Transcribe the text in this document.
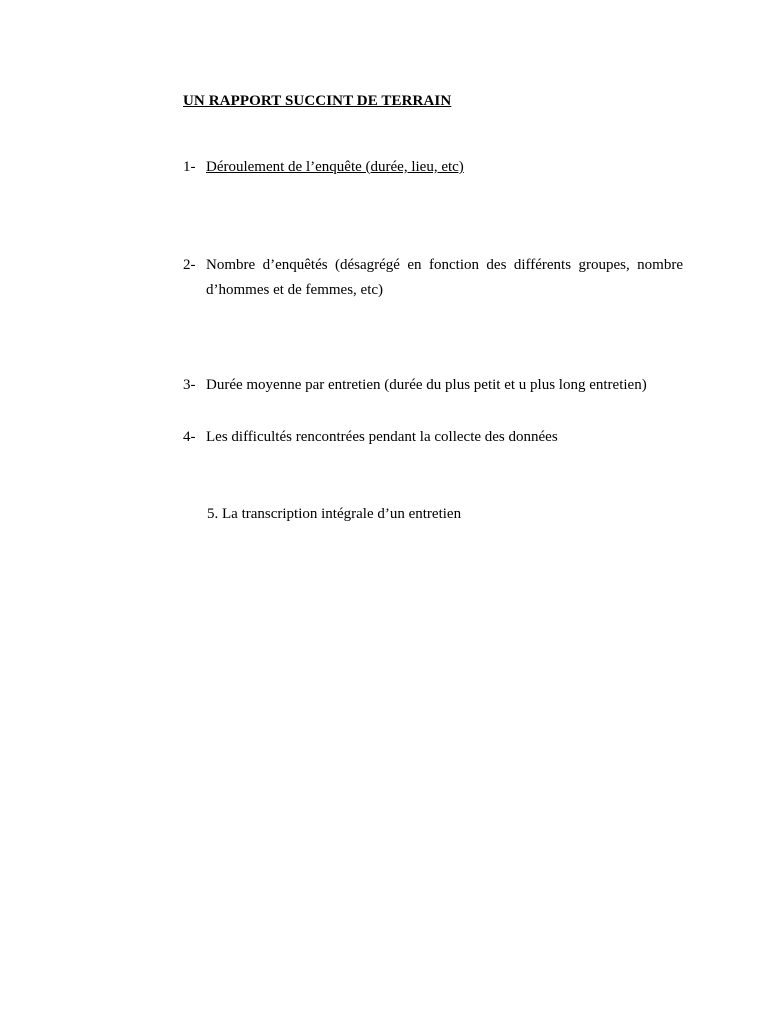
UN RAPPORT SUCCINT DE TERRAIN
1- Déroulement de l’enquête (durée, lieu, etc)
2- Nombre d’enquêtés (désagrégé en fonction des différents groupes, nombre d’hommes et de femmes, etc)
3- Durée moyenne par entretien (durée du plus petit et u plus long entretien)
4- Les difficultés rencontrées pendant la collecte des données
5. La transcription intégrale d’un entretien
